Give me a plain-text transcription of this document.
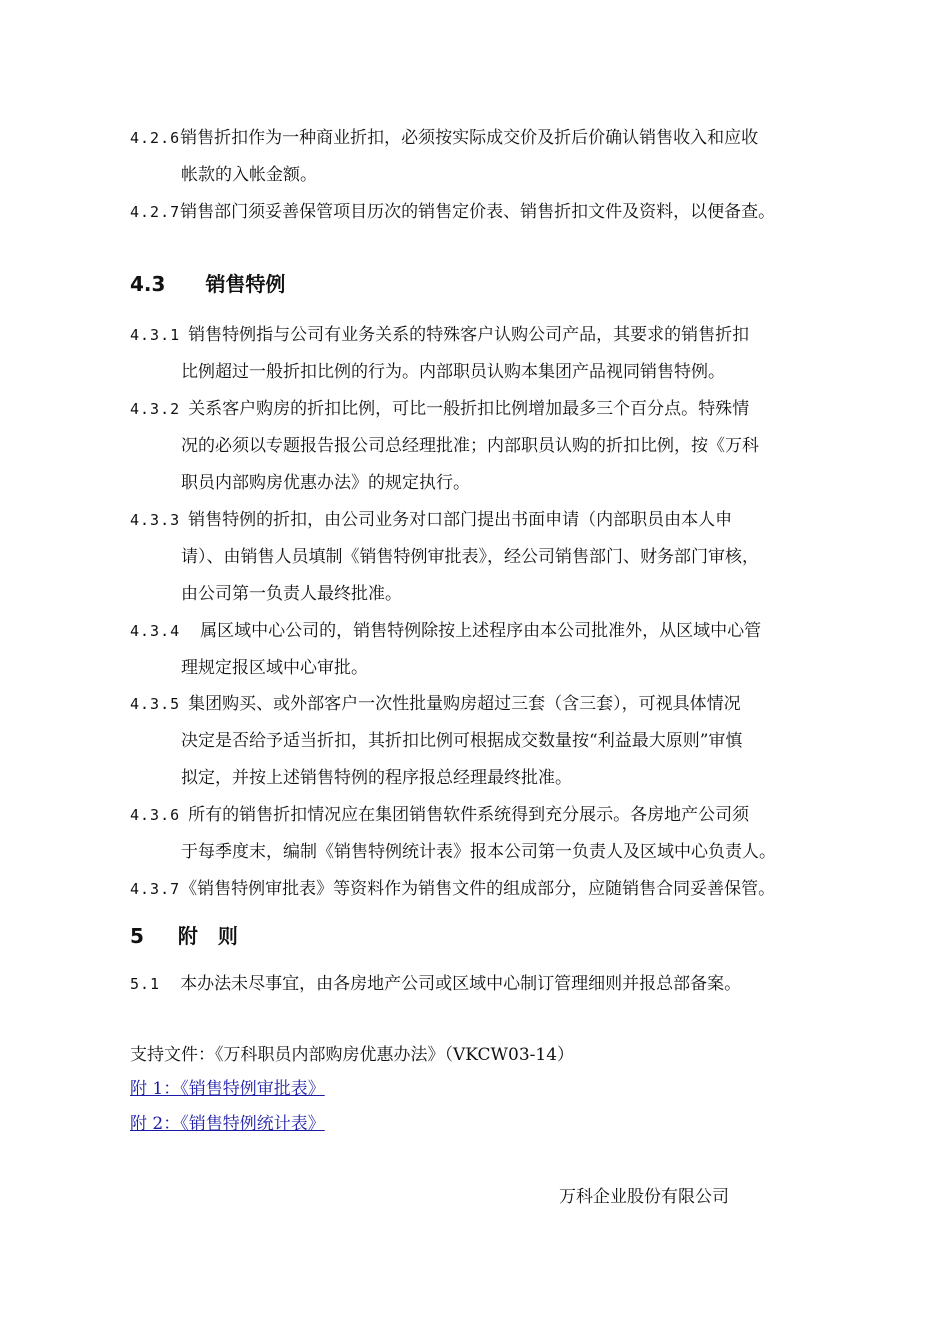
4.2.6销售折扣作为一种商业折扣，必须按实际成交价及折后价确认销售收入和应收
帐款的入帐金额。
4.2.7销售部门须妥善保管项目历次的销售定价表、销售折扣文件及资料，以便备查。
4.3 销售特例
4.3.1 销售特例指与公司有业务关系的特殊客户认购公司产品，其要求的销售折扣
比例超过一般折扣比例的行为。内部职员认购本集团产品视同销售特例。
4.3.2 关系客户购房的折扣比例，可比一般折扣比例增加最多三个百分点。特殊情
况的必须以专题报告报公司总经理批准；内部职员认购的折扣比例，按《万科
职员内部购房优惠办法》的规定执行。
4.3.3 销售特例的折扣，由公司业务对口部门提出书面申请（内部职员由本人申
请）、由销售人员填制《销售特例审批表》，经公司销售部门、财务部门审核，
由公司第一负责人最终批准。
4.3.4 属区域中心公司的，销售特例除按上述程序由本公司批准外，从区域中心管
理规定报区域中心审批。
4.3.5 集团购买、或外部客户一次性批量购房超过三套（含三套），可视具体情况
决定是否给予适当折扣，其折扣比例可根据成交数量按“利益最大原则”审慎
拟定，并按上述销售特例的程序报总经理最终批准。
4.3.6 所有的销售折扣情况应在集团销售软件系统得到充分展示。各房地产公司须
于每季度末，编制《销售特例统计表》报本公司第一负责人及区域中心负责人。
4.3.7《销售特例审批表》等资料作为销售文件的组成部分，应随销售合同妥善保管。
5 附　则
5.1 本办法未尽事宜，由各房地产公司或区域中心制订管理细则并报总部备案。
支持文件：《万科职员内部购房优惠办法》（VKCW03-14）
附 1：《销售特例审批表》
附 2：《销售特例统计表》
万科企业股份有限公司
